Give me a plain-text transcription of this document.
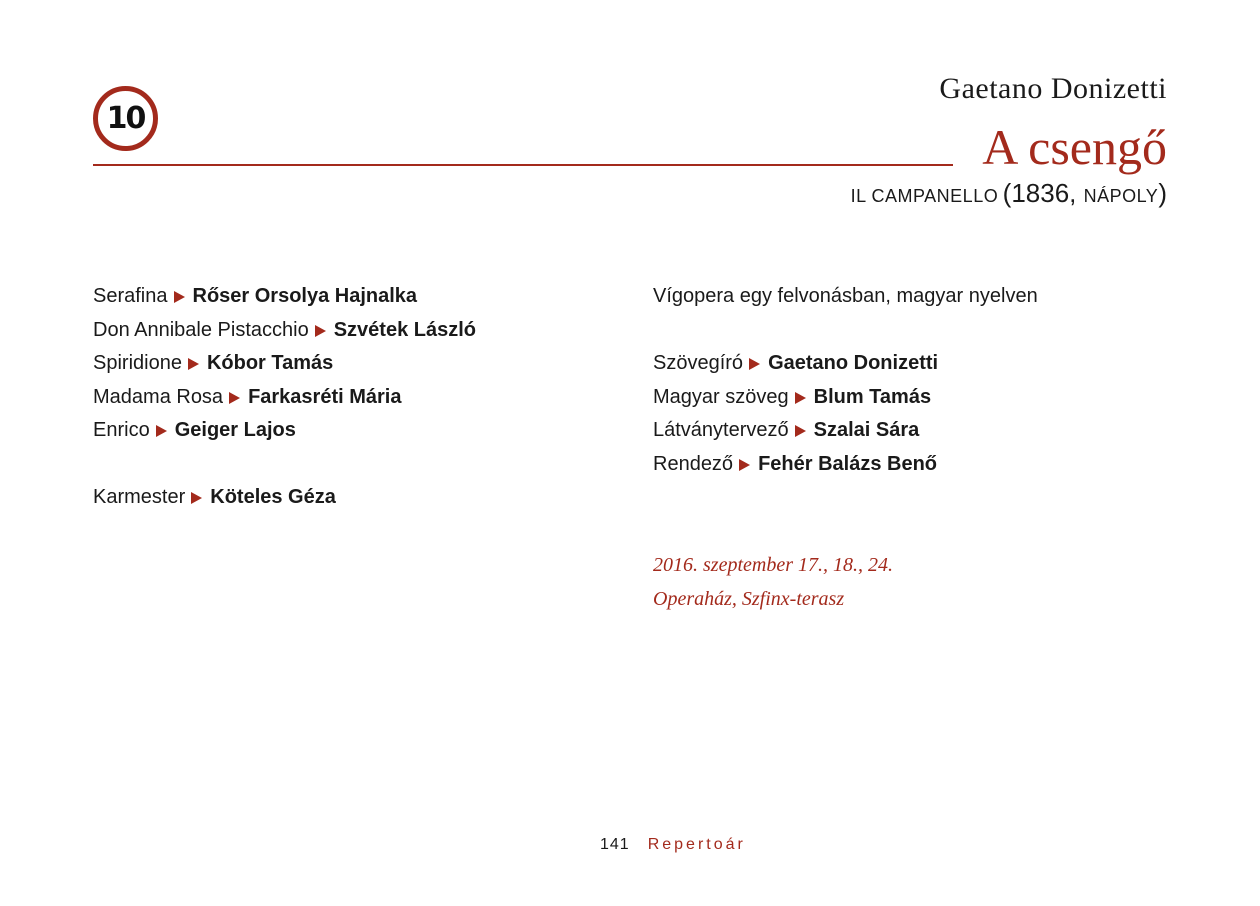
10
Gaetano Donizetti
A csengő
IL CAMPANELLO (1836, NÁPOLY)
Serafina Rőser Orsolya Hajnalka
Don Annibale Pistacchio Szvétek László
Spiridione Kóbor Tamás
Madama Rosa Farkasréti Mária
Enrico Geiger Lajos
Karmester Köteles Géza
Vígopera egy felvonásban, magyar nyelven
Szövegíró Gaetano Donizetti
Magyar szöveg Blum Tamás
Látványtervező Szalai Sára
Rendező Fehér Balázs Benő
2016. szeptember 17., 18., 24.
Operaház, Szfinx-terasz
141 Repertoár
